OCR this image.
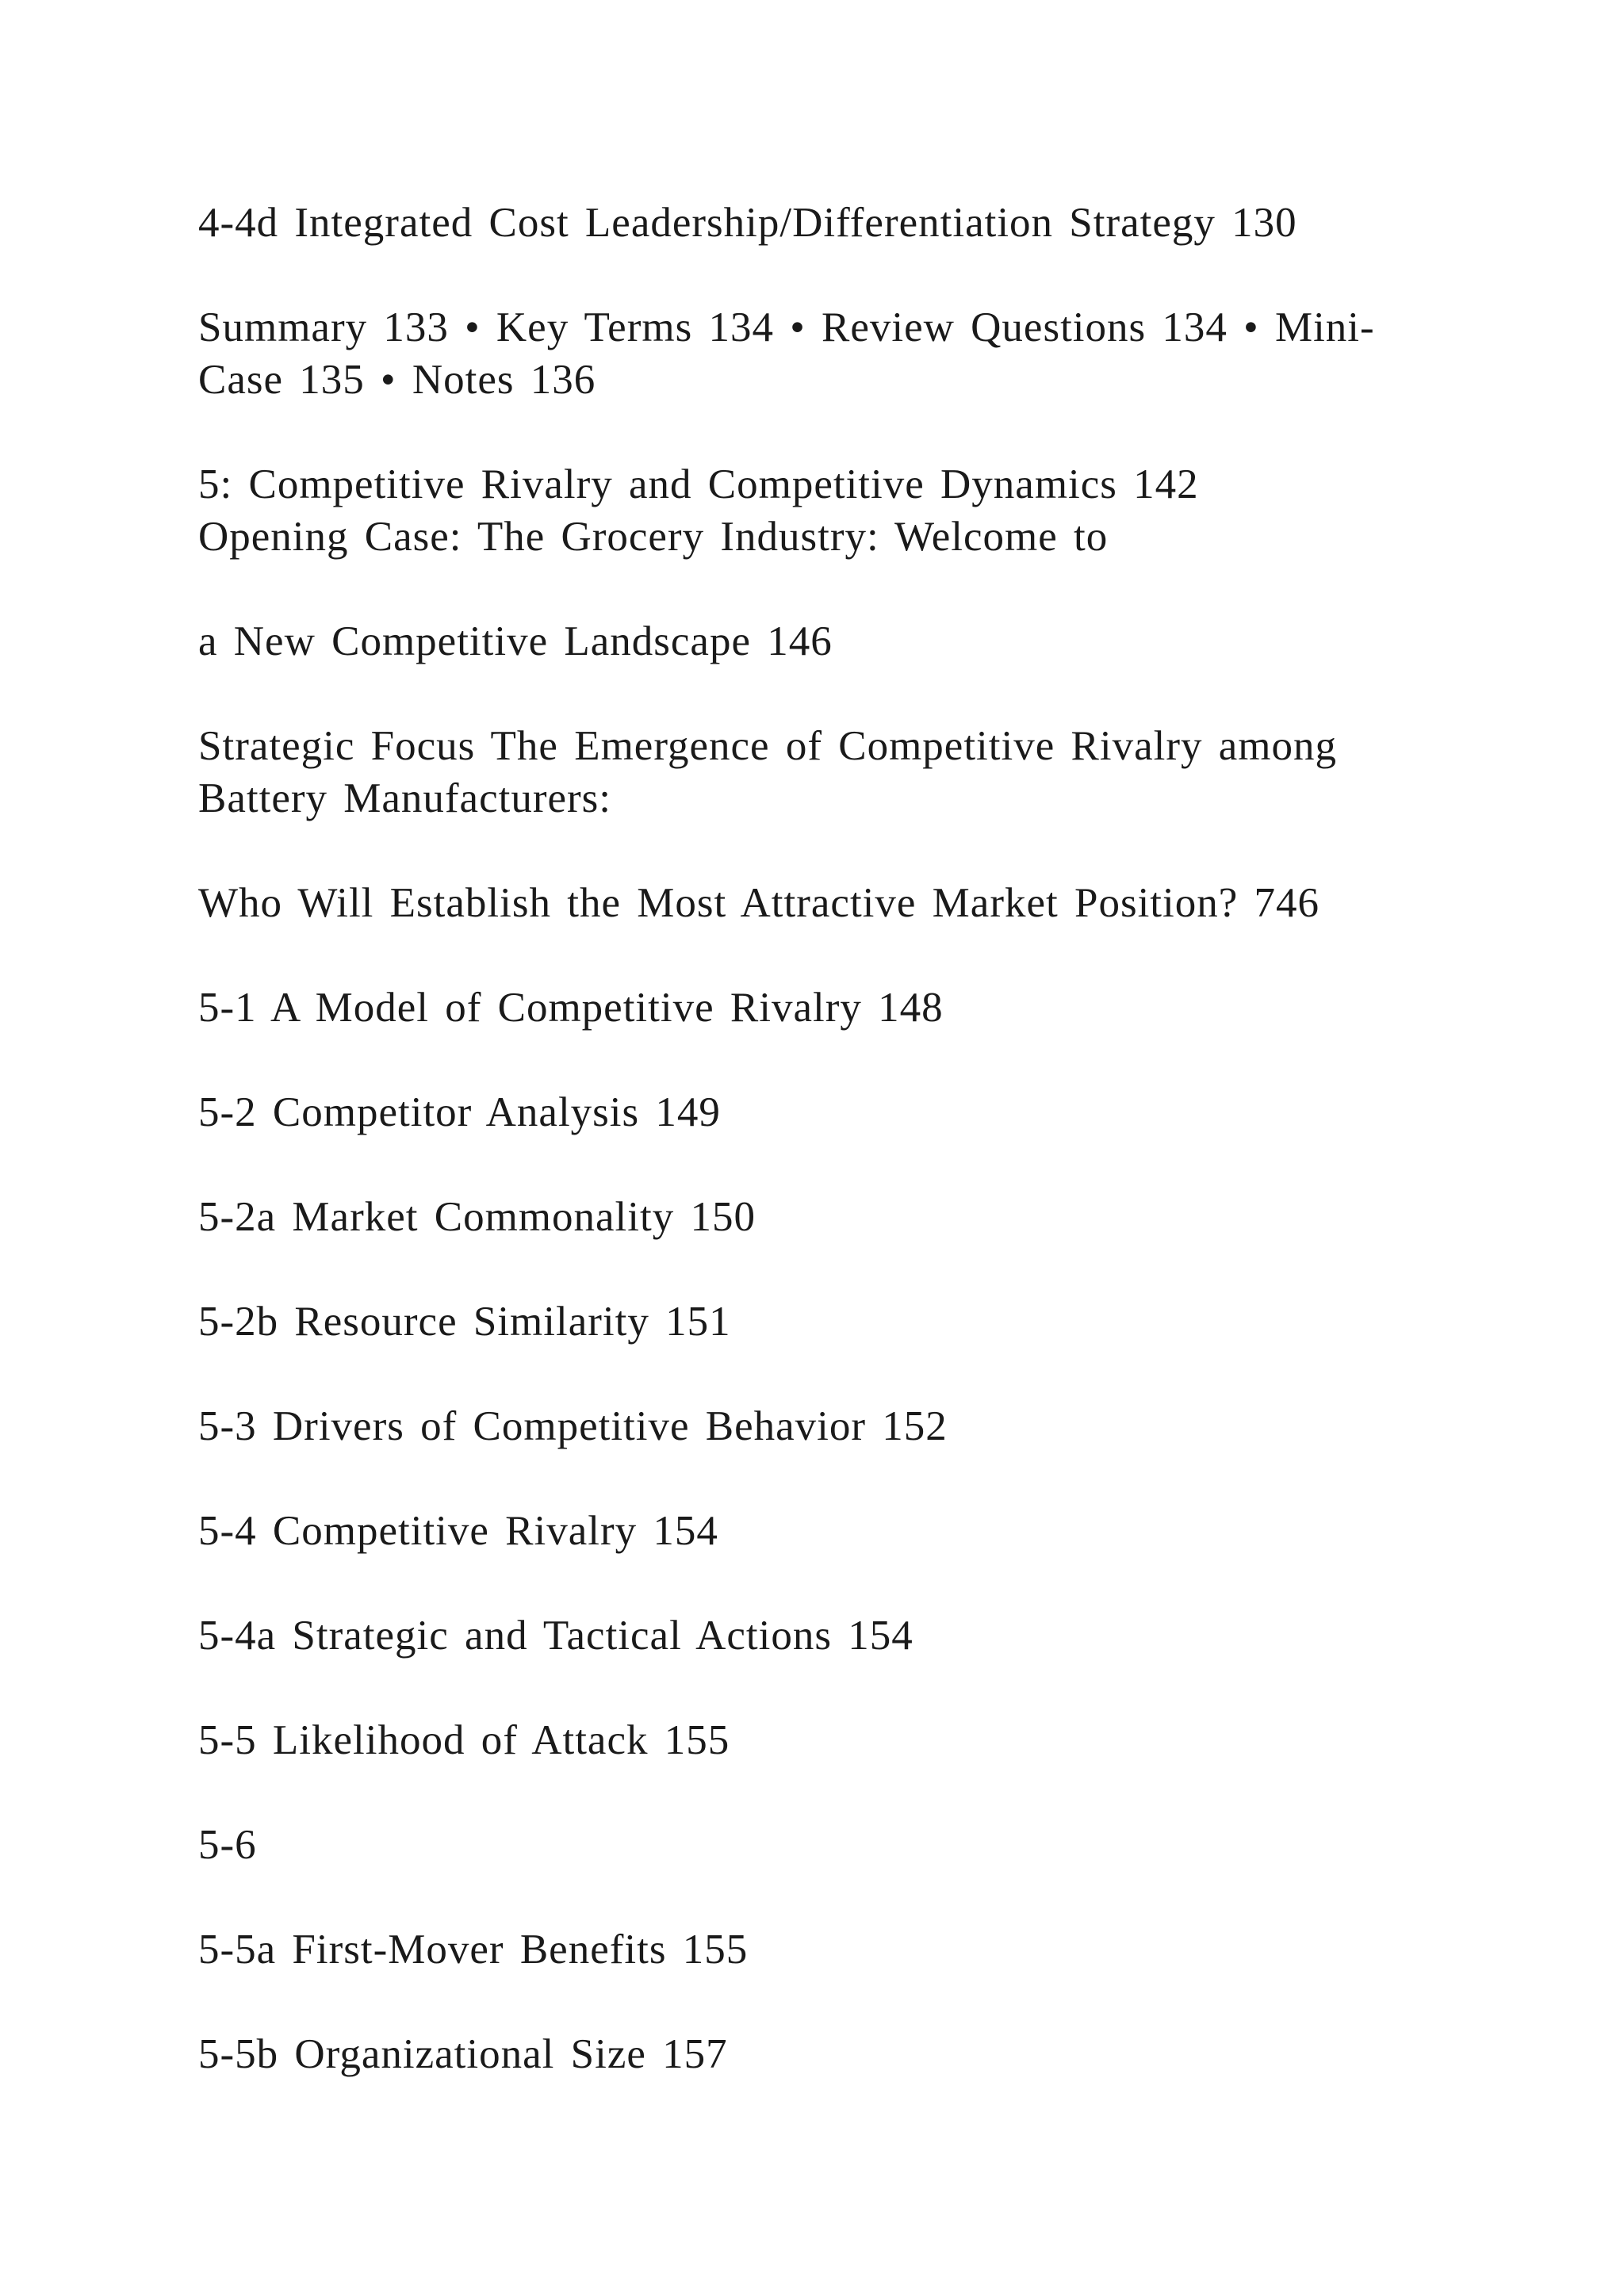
4-4d Integrated Cost Leadership/Differentiation Strategy 130
Summary 133 • Key Terms 134 • Review Questions 134 • Mini-
Case 135 • Notes 136
5: Competitive Rivalry and Competitive Dynamics 142
Opening Case: The Grocery Industry: Welcome to
a New Competitive Landscape 146
Strategic Focus The Emergence of Competitive Rivalry among
Battery Manufacturers:
Who Will Establish the Most Attractive Market Position? 746
5-1 A Model of Competitive Rivalry 148
5-2 Competitor Analysis 149
5-2a Market Commonality 150
5-2b Resource Similarity 151
5-3 Drivers of Competitive Behavior 152
5-4 Competitive Rivalry 154
5-4a Strategic and Tactical Actions 154
5-5 Likelihood of Attack 155
5-6
5-5a First-Mover Benefits 155
5-5b Organizational Size 157
